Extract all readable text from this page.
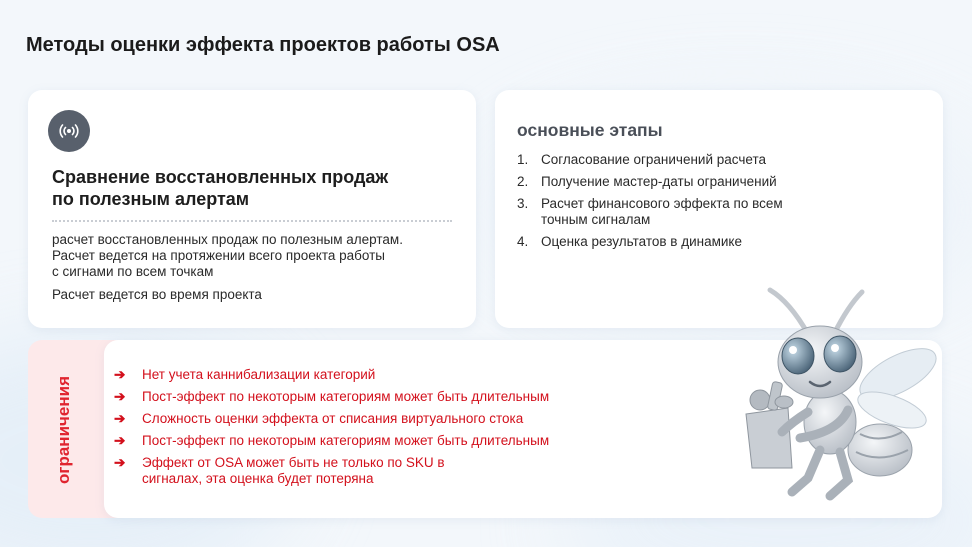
Методы оценки эффекта проектов работы OSA
Сравнение восстановленных продаж
по полезным алертам
расчет восстановленных продаж по полезным алертам.
Расчет ведется на протяжении всего проекта работы
с сигнами по всем точкам
Расчет ведется во время проекта
основные этапы
1. Согласование ограничений расчета
2. Получение мастер-даты ограничений
3. Расчет финансового эффекта по всем точным сигналам
4. Оценка результатов в динамике
ограничения
➔	Нет учета каннибализации категорий
➔	Пост-эффект по некоторым категориям может быть длительным
➔	Сложность оценки эффекта от списания виртуального стока
➔	Пост-эффект по некоторым категориям может быть длительным
➔	Эффект от OSA может быть не только по SKU в сигналах, эта оценка будет потеряна
